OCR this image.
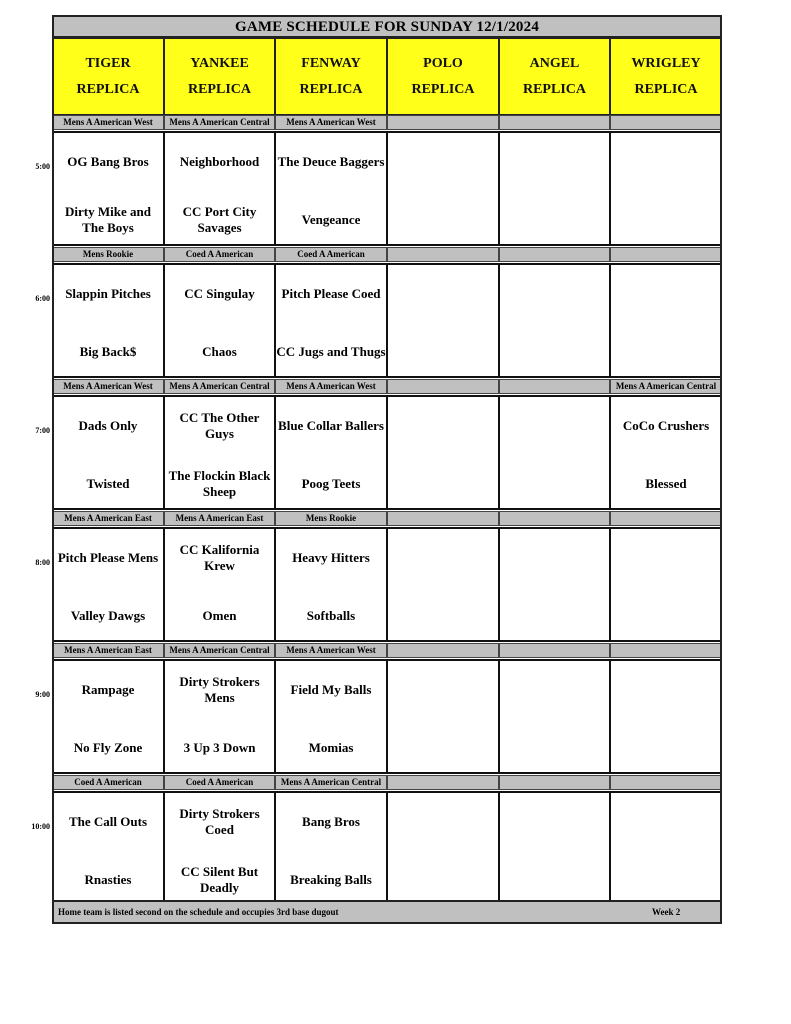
GAME SCHEDULE FOR SUNDAY 12/1/2024
TIGER
REPLICA
YANKEE
REPLICA
FENWAY
REPLICA
POLO
REPLICA
ANGEL
REPLICA
WRIGLEY
REPLICA
Mens A American West
OG Bang Bros
Dirty Mike and The Boys
Mens A American Central
Neighborhood
CC Port City Savages
Mens A American West
The Deuce Baggers
Vengeance
Mens Rookie
Slappin Pitches
Big Back$
Coed A American
CC Singulay
Chaos
Coed A American
Pitch Please Coed
CC Jugs and Thugs
Mens A American West
Dads Only
Twisted
Mens A American Central
CC The Other Guys
The Flockin Black Sheep
Mens A American West
Blue Collar Ballers
Poog Teets
Mens A American Central
CoCo Crushers
Blessed
Mens A American East
Pitch Please Mens
Valley Dawgs
Mens A American East
CC Kalifornia Krew
Omen
Mens Rookie
Heavy Hitters
Softballs
Mens A American East
Rampage
No Fly Zone
Mens A American Central
Dirty Strokers Mens
3 Up 3 Down
Mens A American West
Field My Balls
Momias
Coed A American
The Call Outs
Rnasties
Coed A American
Dirty Strokers Coed
CC Silent But Deadly
Mens A American Central
Bang Bros
Breaking Balls
Home team is listed second on the schedule and occupies 3rd base dugout	Week 2
5:00
6:00
7:00
8:00
9:00
10:00
